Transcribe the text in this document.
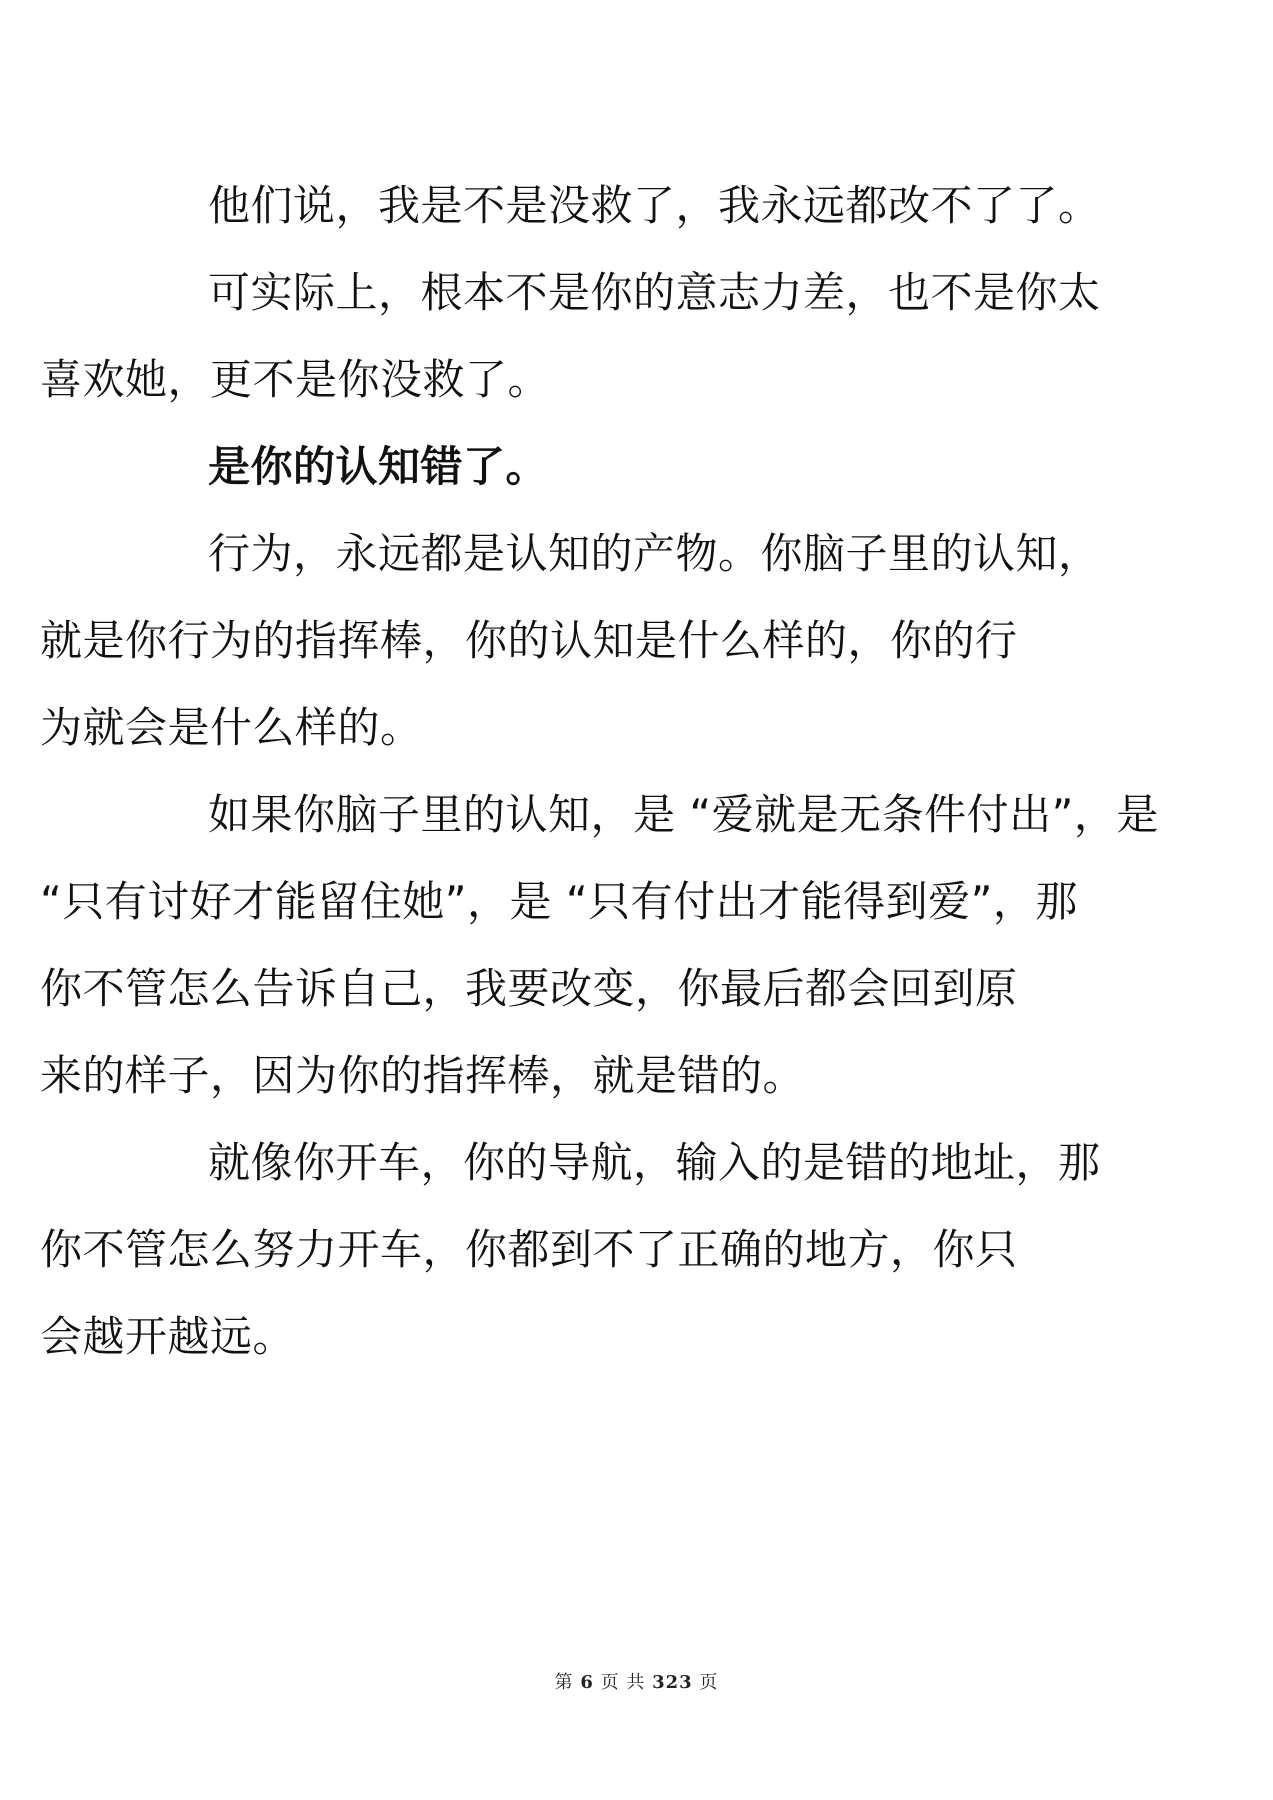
他们说，我是不是没救了，我永远都改不了了。

可实际上，根本不是你的意志力差，也不是你太
喜欢她，更不是你没救了。

是你的认知错了。

行为，永远都是认知的产物。你脑子里的认知，
就是你行为的指挥棒，你的认知是什么样的，你的行
为就会是什么样的。

如果你脑子里的认知，是 “爱就是无条件付出”，是
“只有讨好才能留住她”，是 “只有付出才能得到爱”，那
你不管怎么告诉自己，我要改变，你最后都会回到原
来的样子，因为你的指挥棒，就是错的。

就像你开车，你的导航，输入的是错的地址，那
你不管怎么努力开车，你都到不了正确的地方，你只
会越开越远。

第 6 页 共 323 页
